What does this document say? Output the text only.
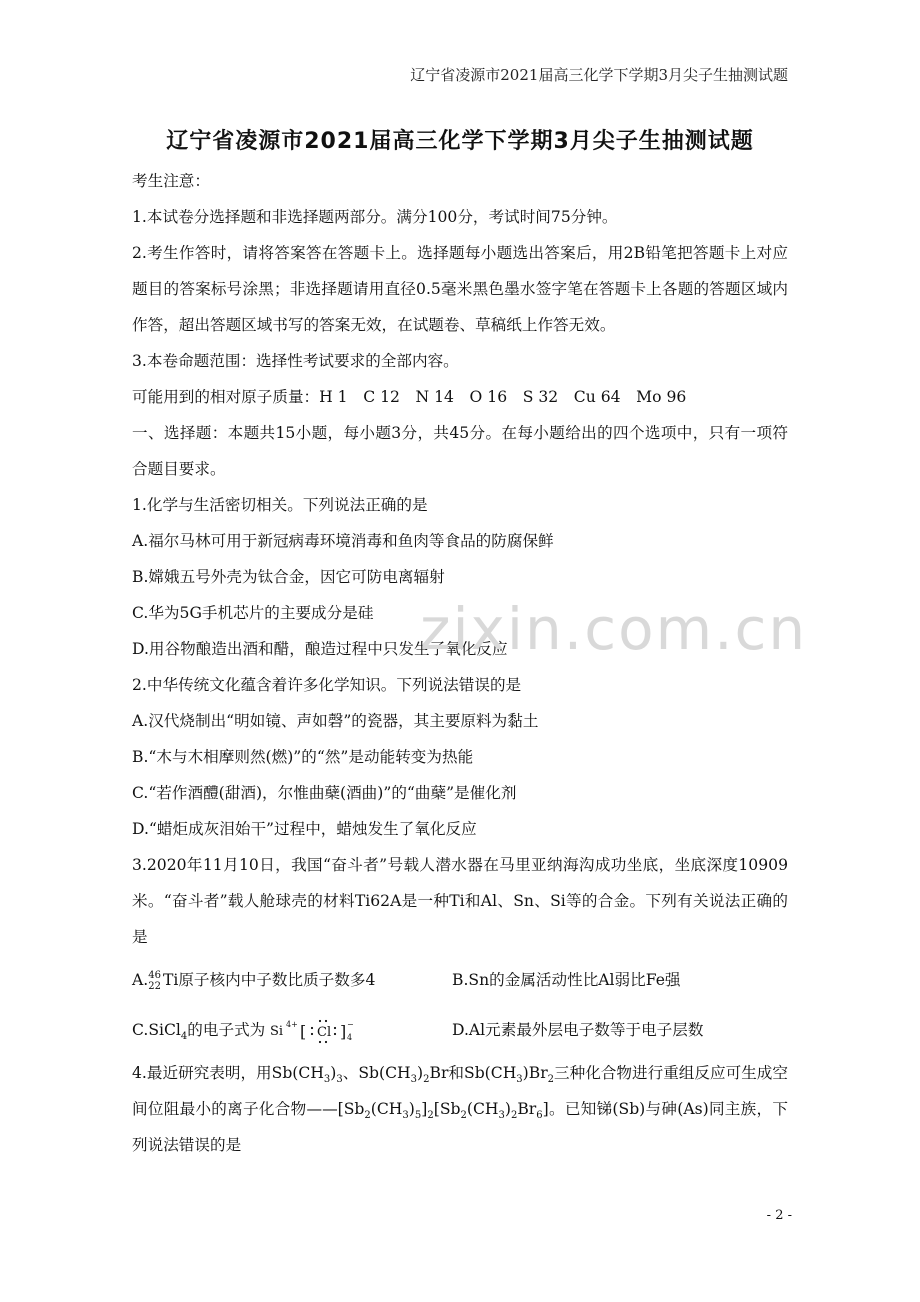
辽宁省凌源市2021届高三化学下学期3月尖子生抽测试题
辽宁省凌源市2021届高三化学下学期3月尖子生抽测试题
考生注意：
1.本试卷分选择题和非选择题两部分。满分100分，考试时间75分钟。
2.考生作答时，请将答案答在答题卡上。选择题每小题选出答案后，用2B铅笔把答题卡上对应题目的答案标号涂黑；非选择题请用直径0.5毫米黑色墨水签字笔在答题卡上各题的答题区域内作答，超出答题区域书写的答案无效，在试题卷、草稿纸上作答无效。
3.本卷命题范围：选择性考试要求的全部内容。
可能用到的相对原子质量：H 1　C 12　N 14　O 16　S 32　Cu 64　Mo 96
一、选择题：本题共15小题，每小题3分，共45分。在每小题给出的四个选项中，只有一项符合题目要求。
1.化学与生活密切相关。下列说法正确的是
A.福尔马林可用于新冠病毒环境消毒和鱼肉等食品的防腐保鲜
B.嫦娥五号外壳为钛合金，因它可防电离辐射
C.华为5G手机芯片的主要成分是硅
D.用谷物酿造出酒和醋，酿造过程中只发生了氧化反应
2.中华传统文化蕴含着许多化学知识。下列说法错误的是
A.汉代烧制出“明如镜、声如磬”的瓷器，其主要原料为黏土
B.“木与木相摩则然(燃)”的“然”是动能转变为热能
C.“若作酒醴(甜酒)，尔惟曲蘖(酒曲)”的“曲蘖”是催化剂
D.“蜡炬成灰泪始干”过程中，蜡烛发生了氧化反应
3.2020年11月10日，我国“奋斗者”号载人潜水器在马里亚纳海沟成功坐底，坐底深度10909米。“奋斗者”载人舱球壳的材料Ti62A是一种Ti和Al、Sn、Si等的合金。下列有关说法正确的是
A. 46
22 Ti原子核内中子数比质子数多4	B.Sn的金属活动性比Al弱比Fe强
C.SiCl$_4$的电子式为 Si 4+ [ Cl ] −
4	D.Al元素最外层电子数等于电子层数
4.最近研究表明，用$Sb(CH_3)_3$、$Sb(CH_3)_2Br$和$Sb(CH_3)Br_2$三种化合物进行重组反应可生成空间位阻最小的离子化合物$——[Sb_2(CH_3)_5]_2[Sb_2(CH_3)_2Br_6]$。已知锑(Sb)与砷(As)同主族，下列说法错误的是
zixin.com.cn
- 2 -
